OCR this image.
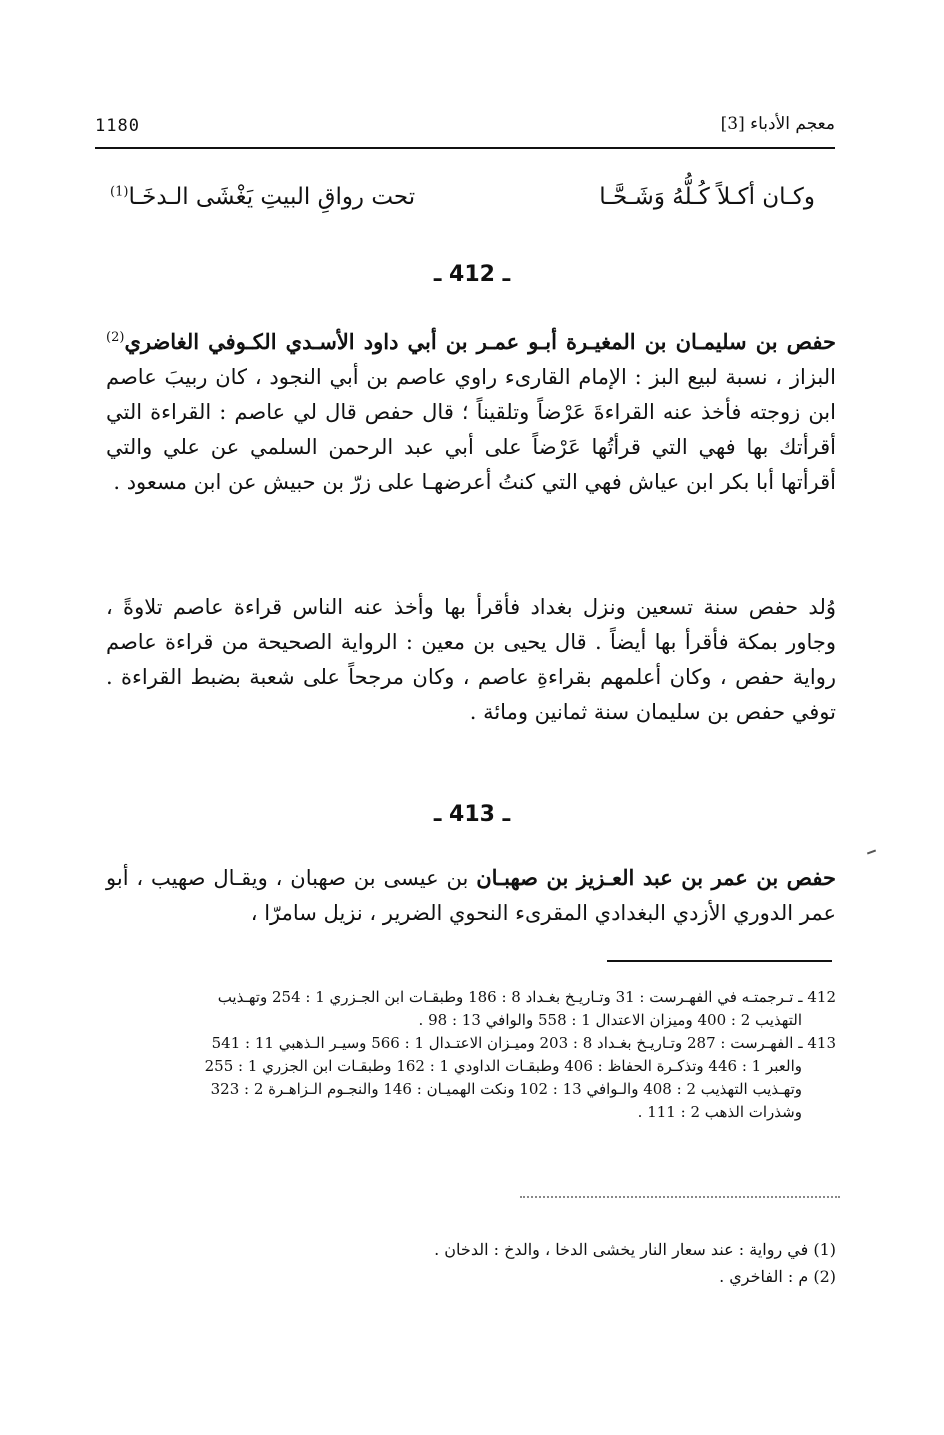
1180	معجم الأدباء [3]
وكـان أكـلاً كُـلُّهُ وَشَـحَّـا
تحت رواقِ البيتِ يَغْشَى الـدخَـا$^{(1)}$
ـ 412 ـ

حفص بن سليمـان بن المغيـرة أبـو عمـر بن أبي داود الأسـدي الكـوفي الغاضري$^{(2)}$ البزاز ، نسبة لبيع البز : الإمام القارىء راوي عاصم بن أبي النجود ، كان ربيبَ عاصم ابن زوجته فأخذ عنه القراءةَ عَرْضاً وتلقيناً ؛ قال حفص قال لي عاصم : القراءة التي أقرأتك بها فهي التي قرأتُها عَرْضاً على أبي عبد الرحمن السلمي عن علي والتي أقرأتها أبا بكر ابن عياش فهي التي كنتُ أعرضهـا على زرّ بن حبيش عن ابن مسعود .

وُلد حفص سنة تسعين ونزل بغداد فأقرأ بها وأخذ عنه الناس قراءة عاصم تلاوةً ، وجاور بمكة فأقرأ بها أيضاً . قال يحيى بن معين : الرواية الصحيحة من قراءة عاصم رواية حفص ، وكان أعلمهم بقراءةِ عاصم ، وكان مرجحاً على شعبة بضبط القراءة . توفي حفص بن سليمان سنة ثمانين ومائة .

ـ 413 ـ

حفص بن عمر بن عبد العـزيز بن صهبـان بن عيسى بن صهبان ، ويقـال صهيب ، أبو عمر الدوري الأزدي البغدادي المقرىء النحوي الضرير ، نزيل سامرّا ،

412 ـ تـرجمتـه في الفهـرست : 31 وتـاريـخ بغـداد 8 : 186 وطبقـات ابن الجـزري 1 : 254 وتهـذيب
التهذيب 2 : 400 وميزان الاعتدال 1 : 558 والوافي 13 : 98 .
413 ـ الفهـرست : 287 وتـاريـخ بغـداد 8 : 203 وميـزان الاعتـدال 1 : 566 وسيـر الـذهبي 11 : 541
والعبر 1 : 446 وتذكـرة الحفاظ : 406 وطبقـات الداودي 1 : 162 وطبقـات ابن الجزري 1 : 255
وتهـذيب التهذيب 2 : 408 والـوافي 13 : 102 ونكت الهميـان : 146 والنجـوم الـزاهـرة 2 : 323
وشذرات الذهب 2 : 111 .
(1) في رواية : عند سعار النار يخشى الدخا ، والدخ : الدخان .
(2) م : الفاخري .
